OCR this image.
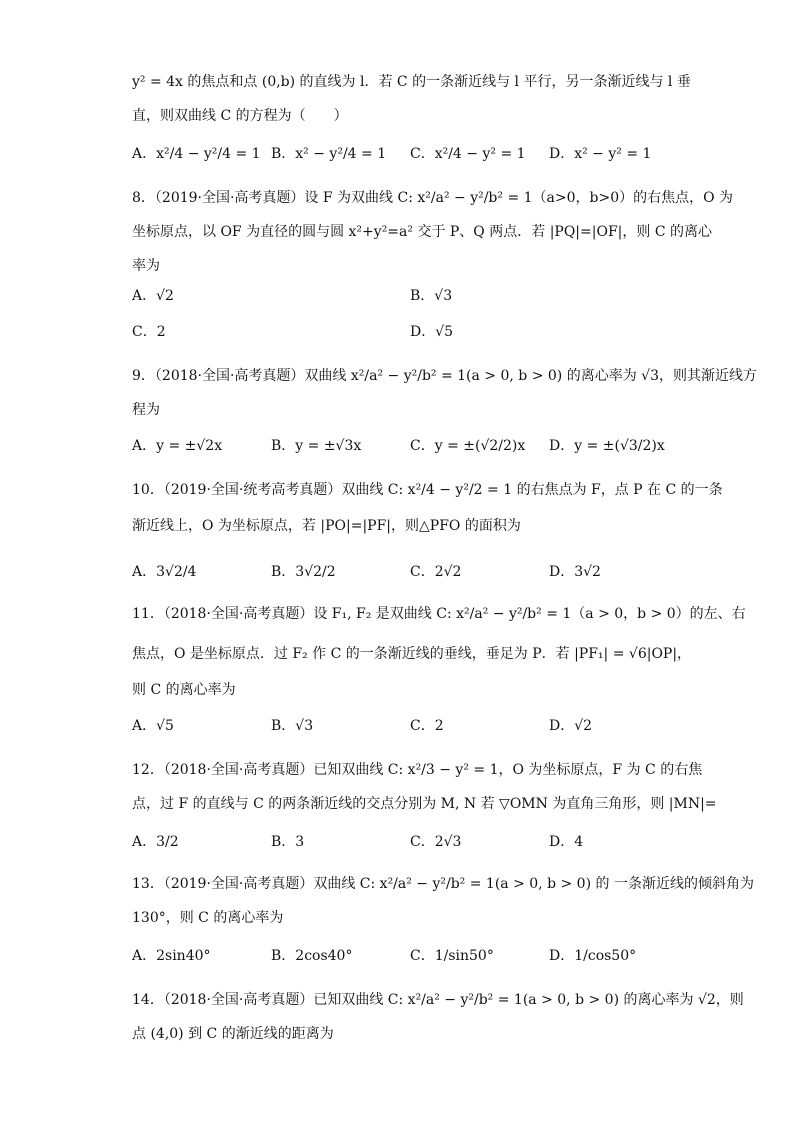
y² = 4x 的焦点和点 (0,b) 的直线为 l．若 C 的一条渐近线与 l 平行，另一条渐近线与 l 垂
直，则双曲线 C 的方程为（　　）
A．x²/4 − y²/4 = 1 B．x² − y²/4 = 1 C．x²/4 − y² = 1 D．x² − y² = 1
8．（2019·全国·高考真题）设 F 为双曲线 C: x²/a² − y²/b² = 1（a>0，b>0）的右焦点，O 为
坐标原点，以 OF 为直径的圆与圆 x²+y²=a² 交于 P、Q 两点．若 |PQ|=|OF|，则 C 的离心
率为
A．√2	B．√3
C．2	D．√5
9．（2018·全国·高考真题）双曲线 x²/a² − y²/b² = 1(a > 0, b > 0) 的离心率为 √3，则其渐近线方
程为
A．y = ±√2x	B．y = ±√3x	C．y = ±(√2/2)x D．y = ±(√3/2)x
10．（2019·全国·统考高考真题）双曲线 C: x²/4 − y²/2 = 1 的右焦点为 F，点 P 在 C 的一条
渐近线上，O 为坐标原点，若 |PO|=|PF|，则△PFO 的面积为
A．3√2/4	B．3√2/2	C．2√2	D．3√2
11．（2018·全国·高考真题）设 F₁, F₂ 是双曲线 C: x²/a² − y²/b² = 1（a > 0，b > 0）的左、右
焦点，O 是坐标原点．过 F₂ 作 C 的一条渐近线的垂线，垂足为 P．若 |PF₁| = √6|OP|，
则 C 的离心率为
A．√5	B．√3	C．2	D．√2
12．（2018·全国·高考真题）已知双曲线 C: x²/3 − y² = 1，O 为坐标原点，F 为 C 的右焦
点，过 F 的直线与 C 的两条渐近线的交点分别为 M, N 若 ▽OMN 为直角三角形，则 |MN|=
A．3/2	B．3	C．2√3	D．4
13．（2019·全国·高考真题）双曲线 C: x²/a² − y²/b² = 1(a > 0, b > 0) 的 一条渐近线的倾斜角为
130°，则 C 的离心率为
A．2sin40°	B．2cos40°	C．1/sin50°	D．1/cos50°
14．（2018·全国·高考真题）已知双曲线 C: x²/a² − y²/b² = 1(a > 0, b > 0) 的离心率为 √2，则
点 (4,0) 到 C 的渐近线的距离为
